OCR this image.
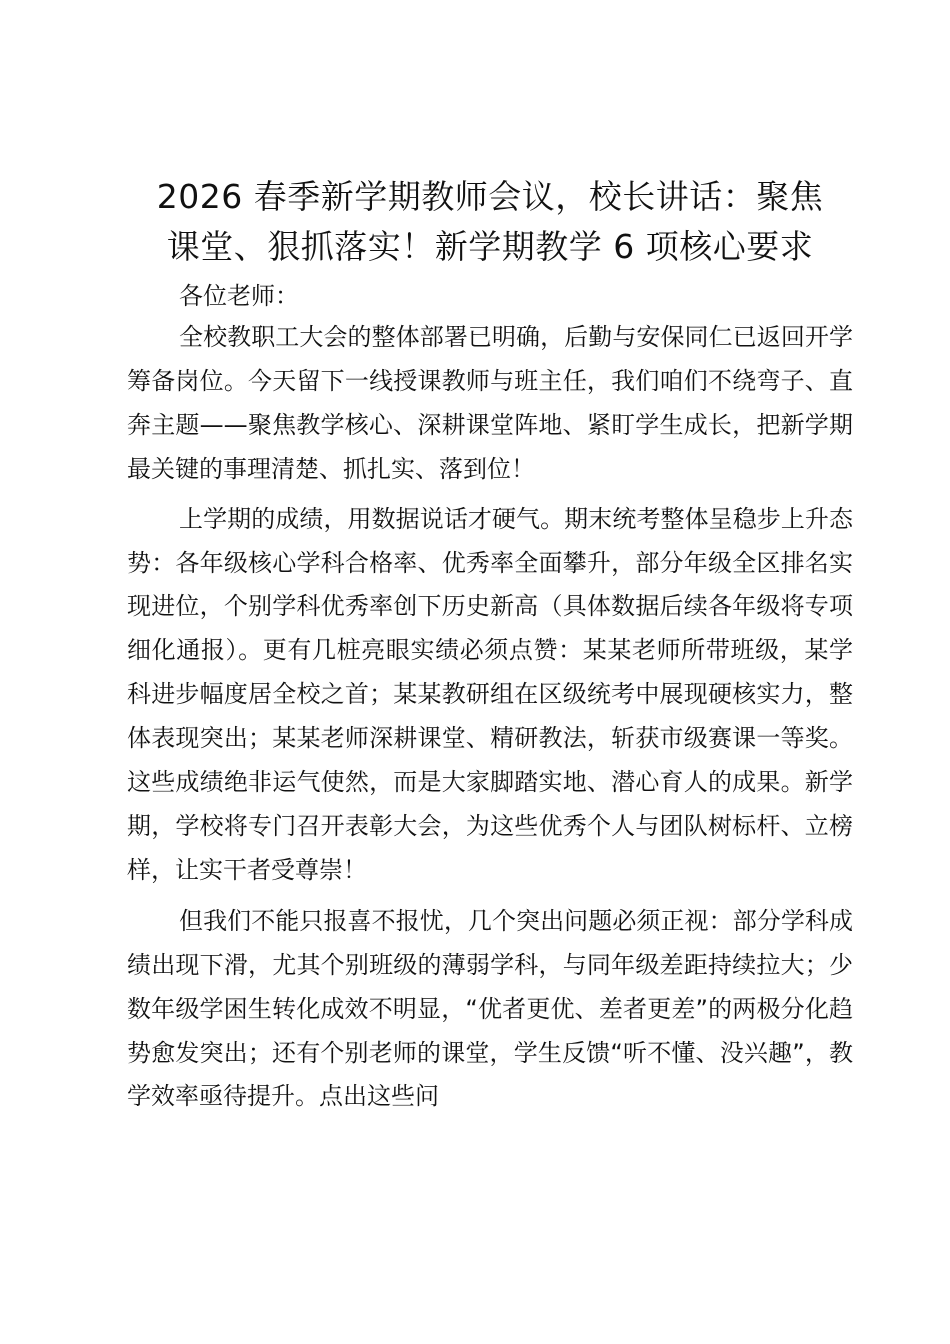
2026 春季新学期教师会议，校长讲话：聚焦
课堂、狠抓落实！新学期教学 6 项核心要求

各位老师：

全校教职工大会的整体部署已明确，后勤与安保同仁已返回开学筹备岗位。今天留下一线授课教师与班主任，我们咱们不绕弯子、直奔主题——聚焦教学核心、深耕课堂阵地、紧盯学生成长，把新学期最关键的事理清楚、抓扎实、落到位！

上学期的成绩，用数据说话才硬气。期末统考整体呈稳步上升态势：各年级核心学科合格率、优秀率全面攀升，部分年级全区排名实现进位，个别学科优秀率创下历史新高（具体数据后续各年级将专项细化通报）。更有几桩亮眼实绩必须点赞：某某老师所带班级，某学科进步幅度居全校之首；某某教研组在区级统考中展现硬核实力，整体表现突出；某某老师深耕课堂、精研教法，斩获市级赛课一等奖。这些成绩绝非运气使然，而是大家脚踏实地、潜心育人的成果。新学期，学校将专门召开表彰大会，为这些优秀个人与团队树标杆、立榜样，让实干者受尊崇！

但我们不能只报喜不报忧，几个突出问题必须正视：部分学科成绩出现下滑，尤其个别班级的薄弱学科，与同年级差距持续拉大；少数年级学困生转化成效不明显，“优者更优、差者更差”的两极分化趋势愈发突出；还有个别老师的课堂，学生反馈“听不懂、没兴趣”，教学效率亟待提升。点出这些问
